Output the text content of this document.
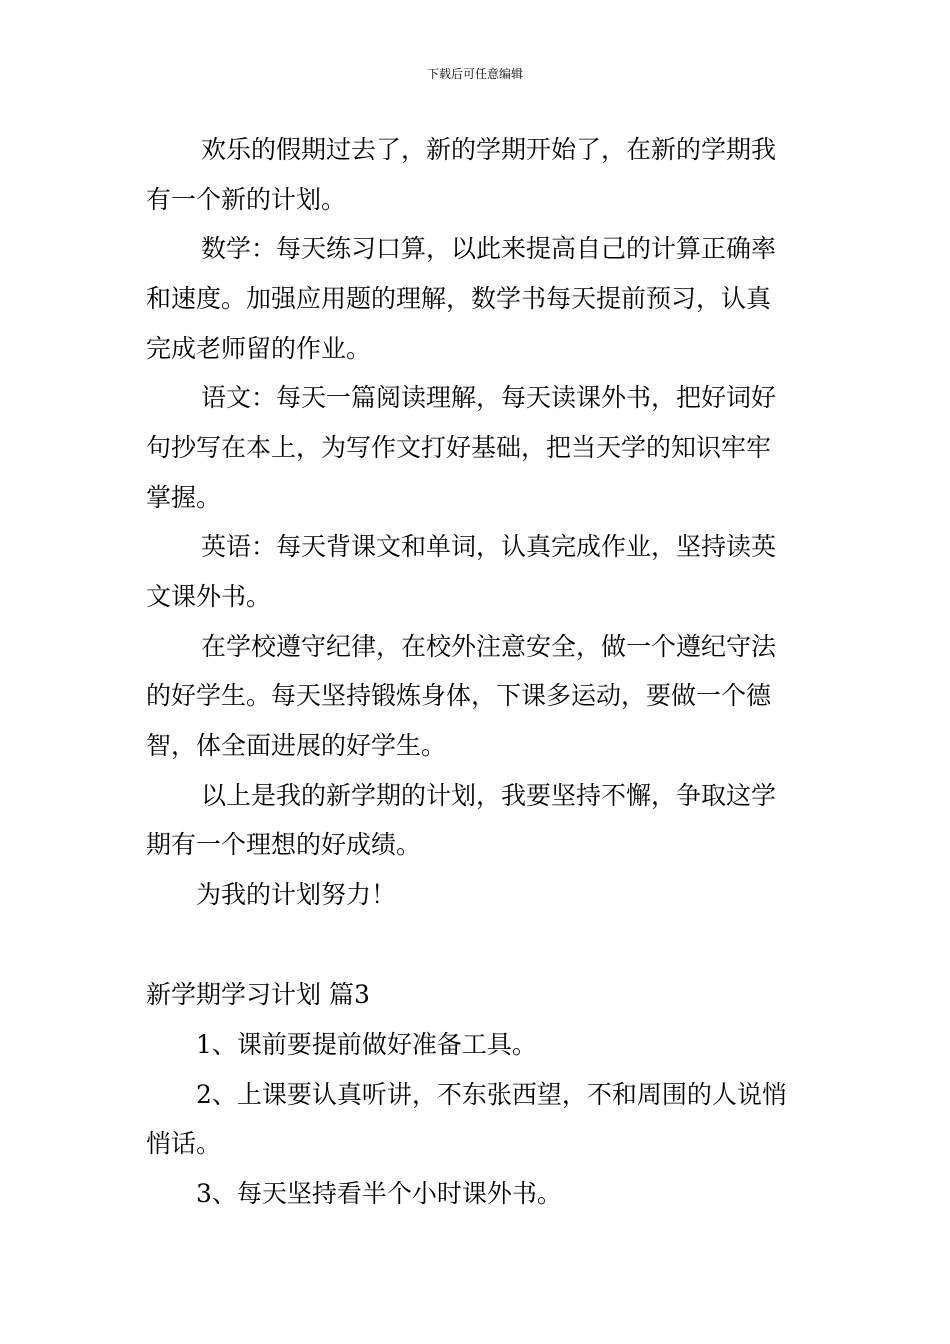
下载后可任意编辑
欢乐的假期过去了，新的学期开始了，在新的学期我
有一个新的计划。
数学：每天练习口算，以此来提高自己的计算正确率
和速度。加强应用题的理解，数学书每天提前预习，认真
完成老师留的作业。
语文：每天一篇阅读理解，每天读课外书，把好词好
句抄写在本上，为写作文打好基础，把当天学的知识牢牢
掌握。
英语：每天背课文和单词，认真完成作业，坚持读英
文课外书。
在学校遵守纪律，在校外注意安全，做一个遵纪守法
的好学生。每天坚持锻炼身体，下课多运动，要做一个德
智，体全面进展的好学生。
以上是我的新学期的计划，我要坚持不懈，争取这学
期有一个理想的好成绩。
为我的计划努力！
新学期学习计划 篇3
1、课前要提前做好准备工具。
2、上课要认真听讲，不东张西望，不和周围的人说悄
悄话。
3、每天坚持看半个小时课外书。
